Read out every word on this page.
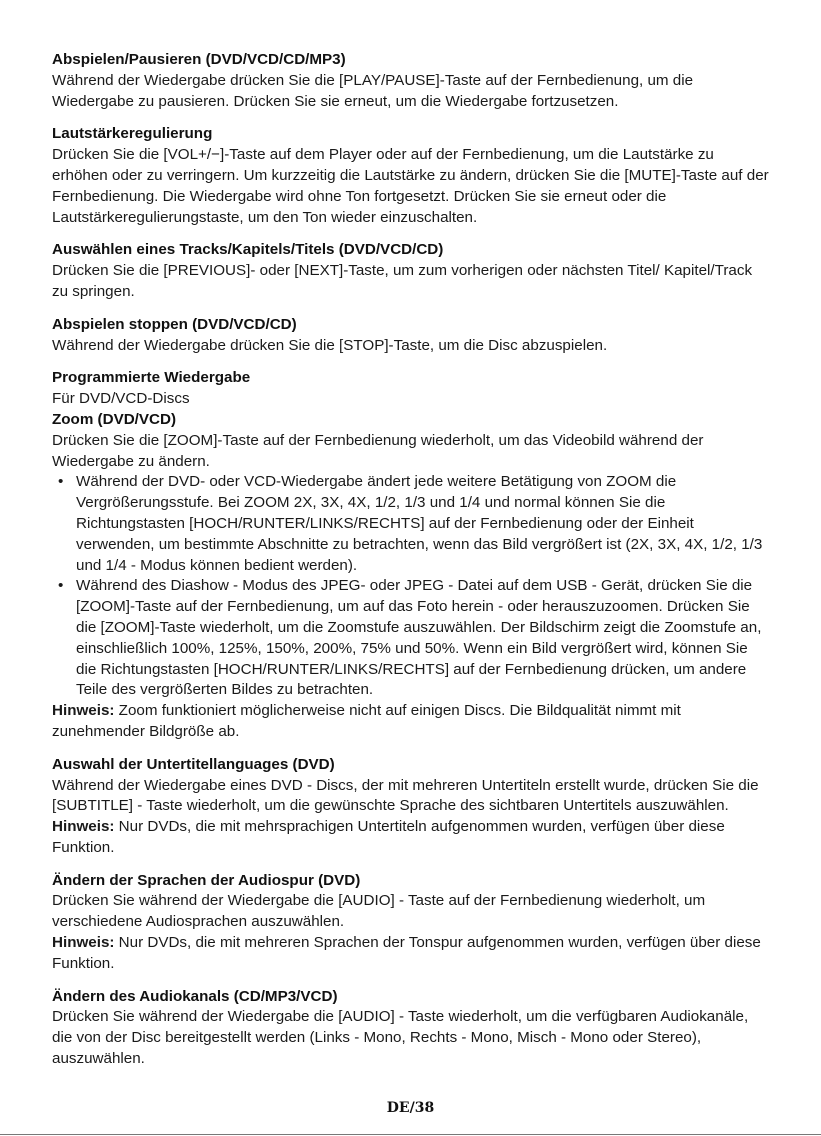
Abspielen/Pausieren (DVD/VCD/CD/MP3)

Während der Wiedergabe drücken Sie die [PLAY/PAUSE]-Taste auf der Fernbedienung, um die Wiedergabe zu pausieren. Drücken Sie sie erneut, um die Wiedergabe fortzusetzen.

Lautstärkeregulierung

Drücken Sie die [VOL+/−]-Taste auf dem Player oder auf der Fernbedienung, um die Lautstärke zu erhöhen oder zu verringern. Um kurzzeitig die Lautstärke zu ändern, drücken Sie die [MUTE]-Taste auf der Fernbedienung. Die Wiedergabe wird ohne Ton fortgesetzt. Drücken Sie sie erneut oder die Lautstärkeregulierungstaste, um den Ton wieder einzuschalten.

Auswählen eines Tracks/Kapitels/Titels (DVD/VCD/CD)

Drücken Sie die [PREVIOUS]- oder [NEXT]-Taste, um zum vorherigen oder nächsten Titel/ Kapitel/Track zu springen.

Abspielen stoppen (DVD/VCD/CD)

Während der Wiedergabe drücken Sie die [STOP]-Taste, um die Disc abzuspielen.

Programmierte Wiedergabe

Für DVD/VCD-Discs

Zoom (DVD/VCD)

Drücken Sie die [ZOOM]-Taste auf der Fernbedienung wiederholt, um das Videobild während der Wiedergabe zu ändern.

• Während der DVD- oder VCD-Wiedergabe ändert jede weitere Betätigung von ZOOM die Vergrößerungsstufe. Bei ZOOM 2X, 3X, 4X, 1/2, 1/3 und 1/4 und normal können Sie die Richtungstasten [HOCH/RUNTER/LINKS/RECHTS] auf der Fernbedienung oder der Einheit verwenden, um bestimmte Abschnitte zu betrachten, wenn das Bild vergrößert ist (2X, 3X, 4X, 1/2, 1/3 und 1/4 - Modus können bedient werden).
• Während des Diashow - Modus des JPEG- oder JPEG - Datei auf dem USB - Gerät, drücken Sie die [ZOOM]-Taste auf der Fernbedienung, um auf das Foto herein - oder herauszuzoomen. Drücken Sie die [ZOOM]-Taste wiederholt, um die Zoomstufe auszuwählen. Der Bildschirm zeigt die Zoomstufe an, einschließlich 100%, 125%, 150%, 200%, 75% und 50%. Wenn ein Bild vergrößert wird, können Sie die Richtungstasten [HOCH/RUNTER/LINKS/RECHTS] auf der Fernbedienung drücken, um andere Teile des vergrößerten Bildes zu betrachten.

Hinweis: Zoom funktioniert möglicherweise nicht auf einigen Discs. Die Bildqualität nimmt mit zunehmender Bildgröße ab.

Auswahl der Untertitellanguages (DVD)

Während der Wiedergabe eines DVD - Discs, der mit mehreren Untertiteln erstellt wurde, drücken Sie die [SUBTITLE] - Taste wiederholt, um die gewünschte Sprache des sichtbaren Untertitels auszuwählen.

Hinweis: Nur DVDs, die mit mehrsprachigen Untertiteln aufgenommen wurden, verfügen über diese Funktion.

Ändern der Sprachen der Audiospur (DVD)

Drücken Sie während der Wiedergabe die [AUDIO] - Taste auf der Fernbedienung wiederholt, um verschiedene Audiosprachen auszuwählen.

Hinweis: Nur DVDs, die mit mehreren Sprachen der Tonspur aufgenommen wurden, verfügen über diese Funktion.

Ändern des Audiokanals (CD/MP3/VCD)

Drücken Sie während der Wiedergabe die [AUDIO] - Taste wiederholt, um die verfügbaren Audiokanäle, die von der Disc bereitgestellt werden (Links - Mono, Rechts - Mono, Misch - Mono oder Stereo), auszuwählen.

DE/38
